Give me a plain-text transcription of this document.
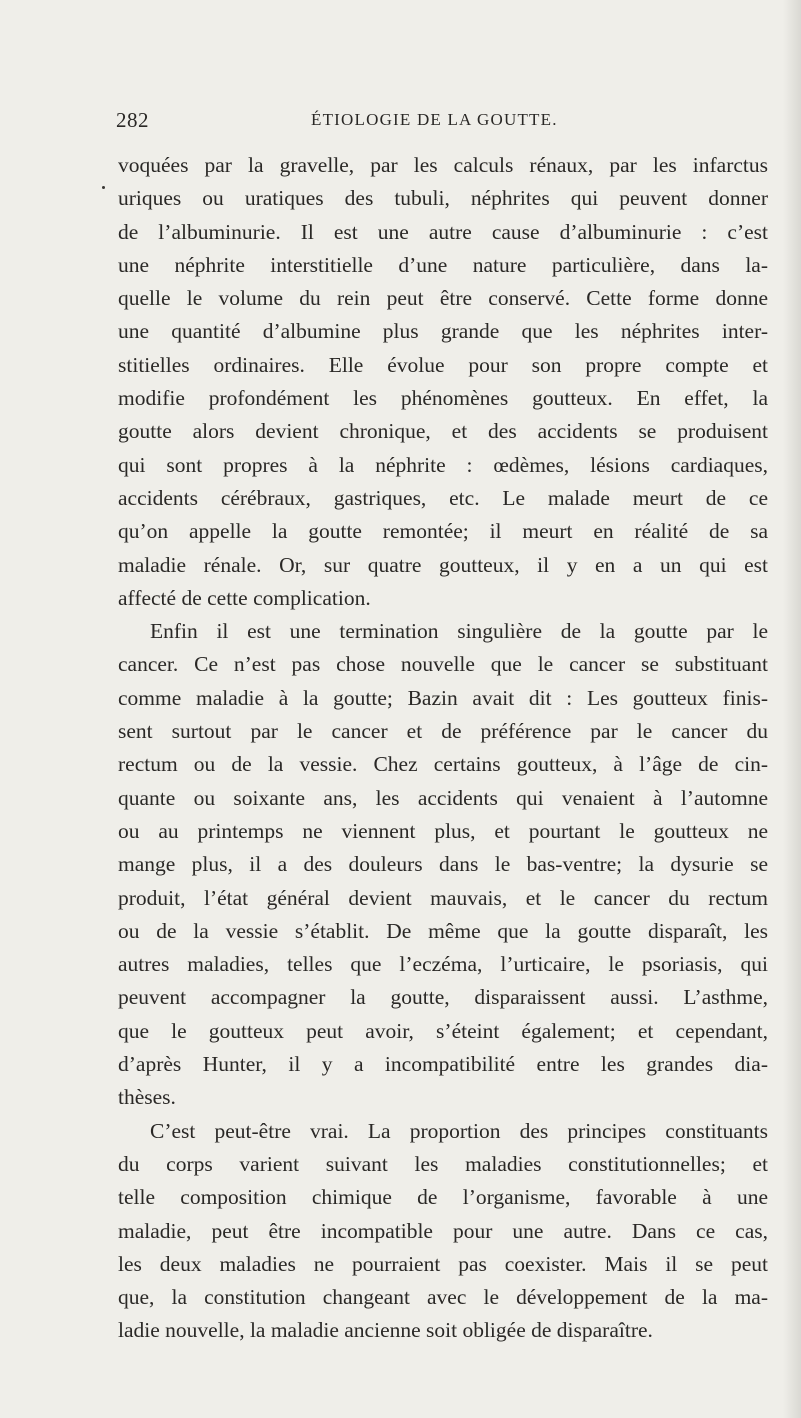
282	ÉTIOLOGIE DE LA GOUTTE.
voquées par la gravelle, par les calculs rénaux, par les infarctus
uriques ou uratiques des tubuli, néphrites qui peuvent donner
de l’albuminurie. Il est une autre cause d’albuminurie : c’est
une néphrite interstitielle d’une nature particulière, dans la-
quelle le volume du rein peut être conservé. Cette forme donne
une quantité d’albumine plus grande que les néphrites inter-
stitielles ordinaires. Elle évolue pour son propre compte et
modifie profondément les phénomènes goutteux. En effet, la
goutte alors devient chronique, et des accidents se produisent
qui sont propres à la néphrite : œdèmes, lésions cardiaques,
accidents cérébraux, gastriques, etc. Le malade meurt de ce
qu’on appelle la goutte remontée; il meurt en réalité de sa
maladie rénale. Or, sur quatre goutteux, il y en a un qui est
affecté de cette complication.
Enfin il est une termination singulière de la goutte par le
cancer. Ce n’est pas chose nouvelle que le cancer se substituant
comme maladie à la goutte; Bazin avait dit : Les goutteux finis-
sent surtout par le cancer et de préférence par le cancer du
rectum ou de la vessie. Chez certains goutteux, à l’âge de cin-
quante ou soixante ans, les accidents qui venaient à l’automne
ou au printemps ne viennent plus, et pourtant le goutteux ne
mange plus, il a des douleurs dans le bas-ventre; la dysurie se
produit, l’état général devient mauvais, et le cancer du rectum
ou de la vessie s’établit. De même que la goutte disparaît, les
autres maladies, telles que l’eczéma, l’urticaire, le psoriasis, qui
peuvent accompagner la goutte, disparaissent aussi. L’asthme,
que le goutteux peut avoir, s’éteint également; et cependant,
d’après Hunter, il y a incompatibilité entre les grandes dia-
thèses.
C’est peut-être vrai. La proportion des principes constituants
du corps varient suivant les maladies constitutionnelles; et
telle composition chimique de l’organisme, favorable à une
maladie, peut être incompatible pour une autre. Dans ce cas,
les deux maladies ne pourraient pas coexister. Mais il se peut
que, la constitution changeant avec le développement de la ma-
ladie nouvelle, la maladie ancienne soit obligée de disparaître.
